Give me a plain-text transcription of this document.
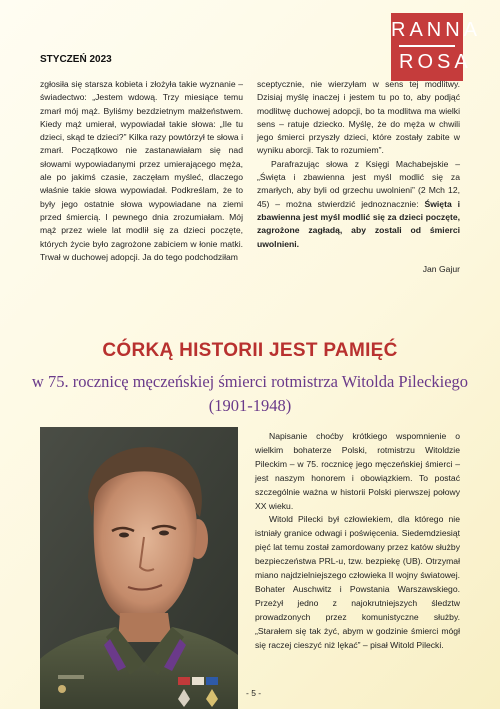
RANNA
ROSA
STYCZEŃ 2023

zgłosiła się starsza kobieta i złożyła takie wyznanie – świadectwo: „Jestem wdową. Trzy miesiące temu zmarł mój mąż. Byliśmy bezdzietnym małżeństwem. Kiedy mąż umierał, wypowiadał takie słowa: „Ile tu dzieci, skąd te dzieci?” Kilka razy powtórzył te słowa i zmarł. Początkowo nie zastanawiałam się nad słowami wypowiadanymi przez umierającego męża, ale po jakimś czasie, zaczęłam myśleć, dlaczego właśnie takie słowa wypowiadał. Podkreślam, że to były jego ostatnie słowa wypowiadane na ziemi przed śmiercią. I pewnego dnia zrozumiałam. Mój mąż przez wiele lat modlił się za dzieci poczęte, których życie było zagrożone zabiciem w łonie matki. Trwał w duchowej adopcji. Ja do tego podchodziłam

sceptycznie, nie wierzyłam w sens tej modlitwy. Dzisiaj myślę inaczej i jestem tu po to, aby podjąć modlitwę duchowej adopcji, bo ta modlitwa ma wielki sens – ratuje dziecko. Myślę, że do męża w chwili jego śmierci przyszły dzieci, które zostały zabite w wyniku aborcji. Tak to rozumiem”.

Parafrazując słowa z Księgi Machabejskie – „Święta i zbawienna jest myśl modlić się za zmarłych, aby byli od grzechu uwolnieni” (2 Mch 12, 45) – można stwierdzić jednoznacznie: Święta i zbawienna jest myśl modlić się za dzieci poczęte, zagrożone zagładą, aby zostali od śmierci uwolnieni.

Jan Gajur

CÓRKĄ HISTORII JEST PAMIĘĆ
w 75. rocznicę męczeńskiej śmierci rotmistrza Witolda Pileckiego
(1901-1948)

Napisanie choćby krótkiego wspomnienie o wielkim bohaterze Polski, rotmistrzu Witoldzie Pileckim – w 75. rocznicę jego męczeńskiej śmierci – jest naszym honorem i obowiązkiem. To postać szczególnie ważna w historii Polski pierwszej połowy XX wieku.

Witold Pilecki był człowiekiem, dla którego nie istniały granice odwagi i poświęcenia. Siedemdziesiąt pięć lat temu został zamordowany przez katów służby bezpieczeństwa PRL-u, tzw. bezpiekę (UB). Otrzymał miano najdzielniejszego człowieka II wojny światowej. Bohater Auschwitz i Powstania Warszawskiego. Przeżył jedno z najokrutniejszych śledztw prowadzonych przez komunistyczne służby. „Starałem się tak żyć, abym w godzinie śmierci mógł się raczej cieszyć niż lękać” – pisał Witold Pilecki.

- 5 -
